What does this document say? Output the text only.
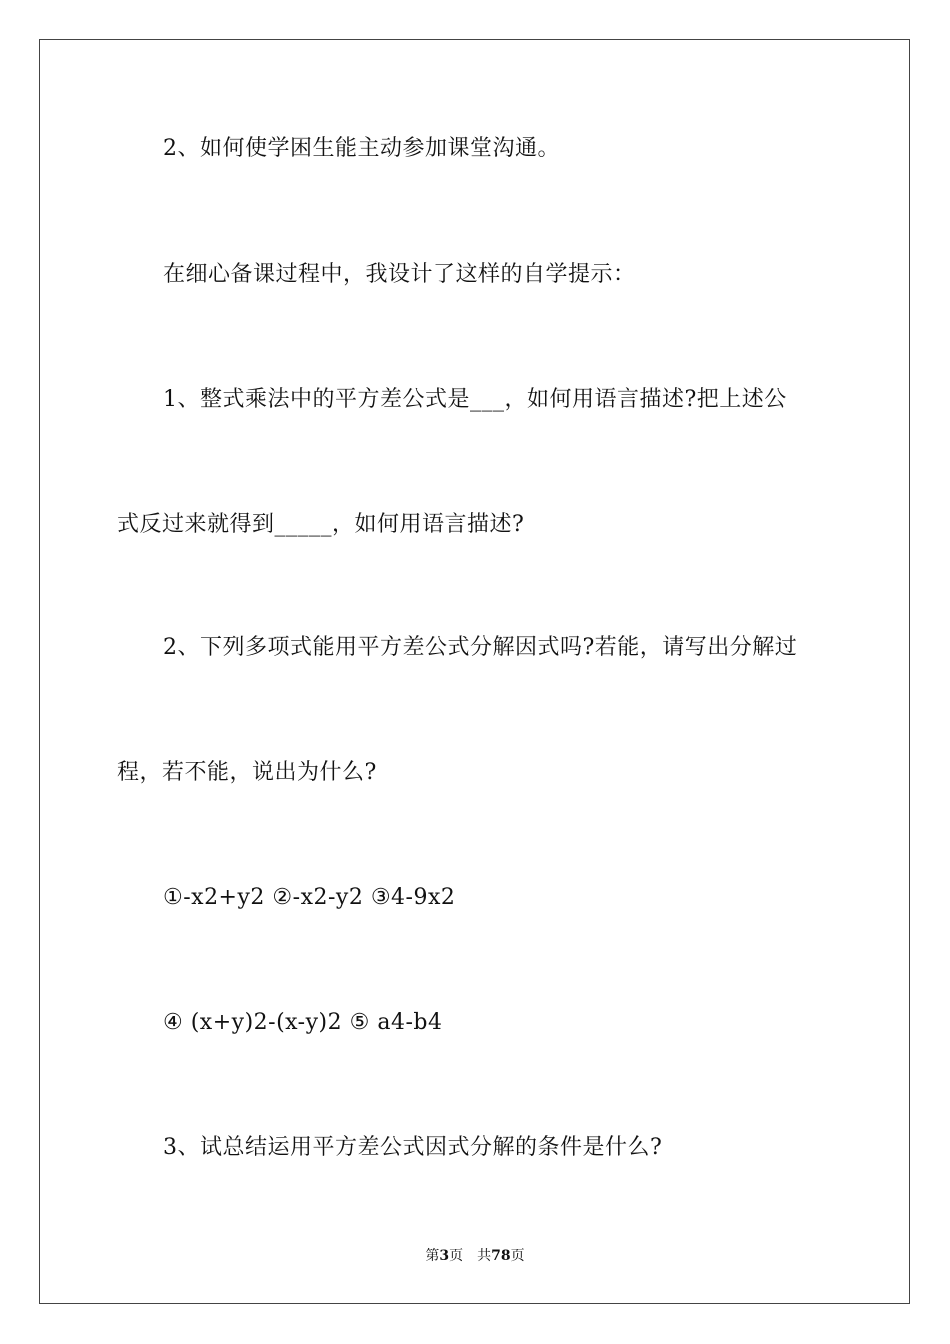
2、如何使学困生能主动参加课堂沟通。
在细心备课过程中，我设计了这样的自学提示：
1、整式乘法中的平方差公式是___，如何用语言描述?把上述公
式反过来就得到_____，如何用语言描述?
2、下列多项式能用平方差公式分解因式吗?若能，请写出分解过
程，若不能，说出为什么?
①-x2+y2 ②-x2-y2 ③4-9x2
④ (x+y)2-(x-y)2 ⑤ a4-b4
3、试总结运用平方差公式因式分解的条件是什么?
第3页　共78页
